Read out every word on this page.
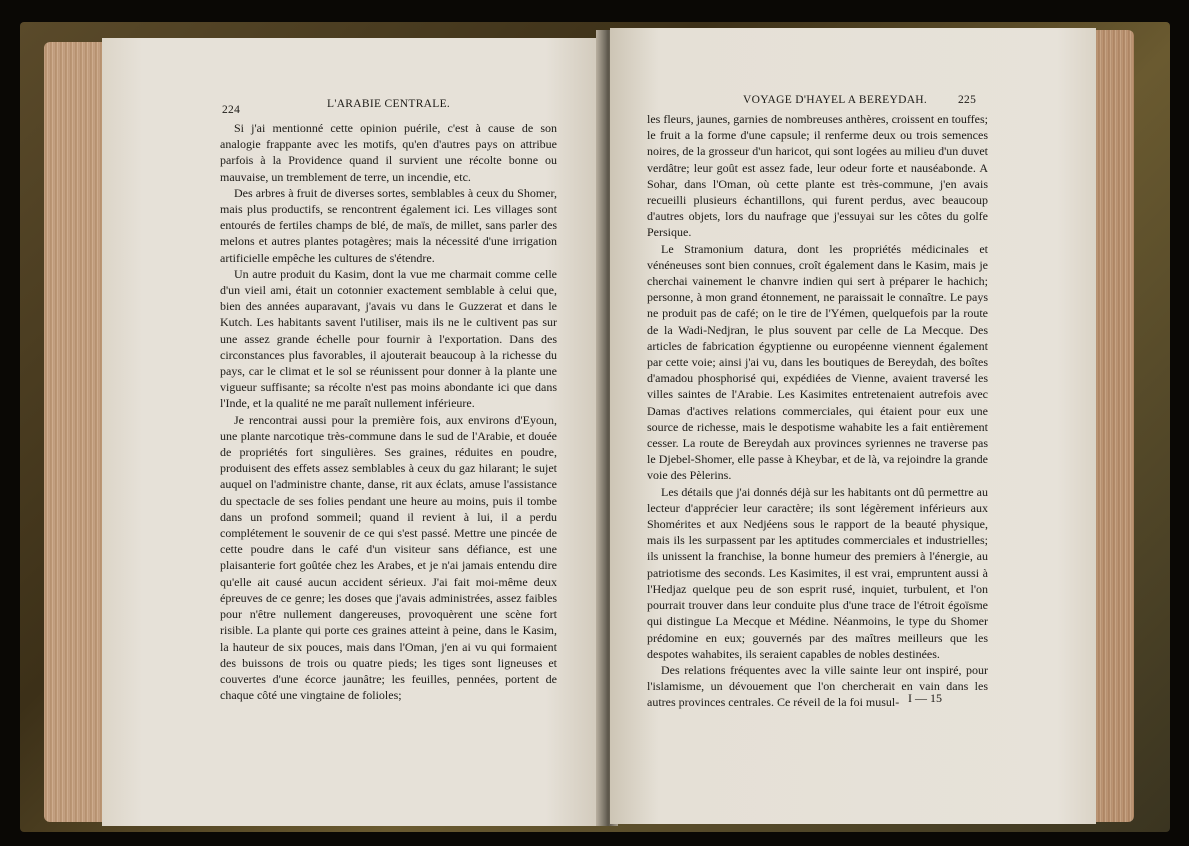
224	L'ARABIE CENTRALE.

Si j'ai mentionné cette opinion puérile, c'est à cause de son analogie frappante avec les motifs, qu'en d'autres pays on attribue parfois à la Providence quand il survient une récolte bonne ou mauvaise, un tremblement de terre, un incendie, etc.

Des arbres à fruit de diverses sortes, semblables à ceux du Shomer, mais plus productifs, se rencontrent également ici. Les villages sont entourés de fertiles champs de blé, de maïs, de millet, sans parler des melons et autres plantes potagères; mais la nécessité d'une irrigation artificielle empêche les cultures de s'étendre.

Un autre produit du Kasim, dont la vue me charmait comme celle d'un vieil ami, était un cotonnier exactement semblable à celui que, bien des années auparavant, j'avais vu dans le Guzzerat et dans le Kutch. Les habitants savent l'utiliser, mais ils ne le cultivent pas sur une assez grande échelle pour fournir à l'exportation. Dans des circonstances plus favorables, il ajouterait beaucoup à la richesse du pays, car le climat et le sol se réunissent pour donner à la plante une vigueur suffisante; sa récolte n'est pas moins abondante ici que dans l'Inde, et la qualité ne me paraît nullement inférieure.

Je rencontrai aussi pour la première fois, aux environs d'Eyoun, une plante narcotique très-commune dans le sud de l'Arabie, et douée de propriétés fort singulières. Ses graines, réduites en poudre, produisent des effets assez semblables à ceux du gaz hilarant; le sujet auquel on l'administre chante, danse, rit aux éclats, amuse l'assistance du spectacle de ses folies pendant une heure au moins, puis il tombe dans un profond sommeil; quand il revient à lui, il a perdu complétement le souvenir de ce qui s'est passé. Mettre une pincée de cette poudre dans le café d'un visiteur sans défiance, est une plaisanterie fort goûtée chez les Arabes, et je n'ai jamais entendu dire qu'elle ait causé aucun accident sérieux. J'ai fait moi-même deux épreuves de ce genre; les doses que j'avais administrées, assez faibles pour n'être nullement dangereuses, provoquèrent une scène fort risible. La plante qui porte ces graines atteint à peine, dans le Kasim, la hauteur de six pouces, mais dans l'Oman, j'en ai vu qui formaient des buissons de trois ou quatre pieds; les tiges sont ligneuses et couvertes d'une écorce jaunâtre; les feuilles, pennées, portent de chaque côté une vingtaine de folioles;

VOYAGE D'HAYEL A BEREYDAH.	225

les fleurs, jaunes, garnies de nombreuses anthères, croissent en touffes; le fruit a la forme d'une capsule; il renferme deux ou trois semences noires, de la grosseur d'un haricot, qui sont logées au milieu d'un duvet verdâtre; leur goût est assez fade, leur odeur forte et nauséabonde. A Sohar, dans l'Oman, où cette plante est très-commune, j'en avais recueilli plusieurs échantillons, qui furent perdus, avec beaucoup d'autres objets, lors du naufrage que j'essuyai sur les côtes du golfe Persique.

Le Stramonium datura, dont les propriétés médicinales et vénéneuses sont bien connues, croît également dans le Kasim, mais je cherchai vainement le chanvre indien qui sert à préparer le hachich; personne, à mon grand étonnement, ne paraissait le connaître. Le pays ne produit pas de café; on le tire de l'Yémen, quelquefois par la route de la Wadi-Nedjran, le plus souvent par celle de La Mecque. Des articles de fabrication égyptienne ou européenne viennent également par cette voie; ainsi j'ai vu, dans les boutiques de Bereydah, des boîtes d'amadou phosphorisé qui, expédiées de Vienne, avaient traversé les villes saintes de l'Arabie. Les Kasimites entretenaient autrefois avec Damas d'actives relations commerciales, qui étaient pour eux une source de richesse, mais le despotisme wahabite les a fait entièrement cesser. La route de Bereydah aux provinces syriennes ne traverse pas le Djebel-Shomer, elle passe à Kheybar, et de là, va rejoindre la grande voie des Pèlerins.

Les détails que j'ai donnés déjà sur les habitants ont dû permettre au lecteur d'apprécier leur caractère; ils sont légèrement inférieurs aux Shomérites et aux Nedjéens sous le rapport de la beauté physique, mais ils les surpassent par les aptitudes commerciales et industrielles; ils unissent la franchise, la bonne humeur des premiers à l'énergie, au patriotisme des seconds. Les Kasimites, il est vrai, empruntent aussi à l'Hedjaz quelque peu de son esprit rusé, inquiet, turbulent, et l'on pourrait trouver dans leur conduite plus d'une trace de l'étroit égoïsme qui distingue La Mecque et Médine. Néanmoins, le type du Shomer prédomine en eux; gouvernés par des maîtres meilleurs que les despotes wahabites, ils seraient capables de nobles destinées.

Des relations fréquentes avec la ville sainte leur ont inspiré, pour l'islamisme, un dévouement que l'on chercherait en vain dans les autres provinces centrales. Ce réveil de la foi musul- I — 15
